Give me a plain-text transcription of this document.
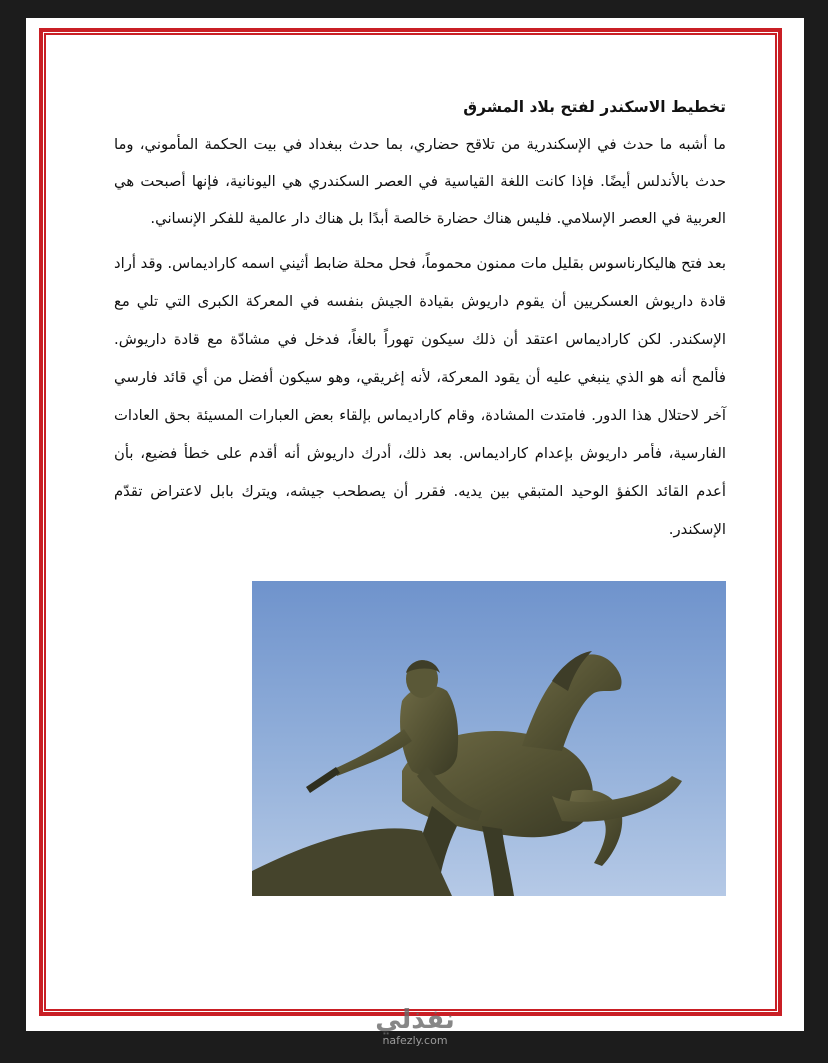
تخطيط الاسكندر لفتح بلاد المشرق

ما أشبه ما حدث في الإسكندرية من تلاقح حضاري، بما حدث ببغداد في بيت الحكمة المأموني، وما حدث بالأندلس أيضًا. فإذا كانت اللغة القياسية في العصر السكندري هي اليونانية، فإنها أصبحت هي العربية في العصر الإسلامي. فليس هناك حضارة خالصة أبدًا بل هناك دار عالمية للفكر الإنساني.

بعد فتح هاليكارناسوس بقليل مات ممنون محموماً، فحل محلة ضابط أثيني اسمه كاراديماس. وقد أراد قادة داريوش العسكريين أن يقوم داريوش بقيادة الجيش بنفسه في المعركة الكبرى التي تلي مع الإسكندر. لكن كاراديماس اعتقد أن ذلك سيكون تهوراً بالغاً، فدخل في مشادّة مع قادة داريوش. فألمح أنه هو الذي ينبغي عليه أن يقود المعركة، لأنه إغريقي، وهو سيكون أفضل من أي قائد فارسي آخر لاحتلال هذا الدور. فامتدت المشادة، وقام كاراديماس بإلقاء بعض العبارات المسيئة بحق العادات الفارسية، فأمر داريوش بإعدام كاراديماس. بعد ذلك، أدرك داريوش أنه أقدم على خطأ فضيع، بأن أعدم القائد الكفؤ الوحيد المتبقي بين يديه. فقرر أن يصطحب جيشه، ويترك بابل لاعتراض تقدّم الإسكندر.

نفذلي
nafezly.com
